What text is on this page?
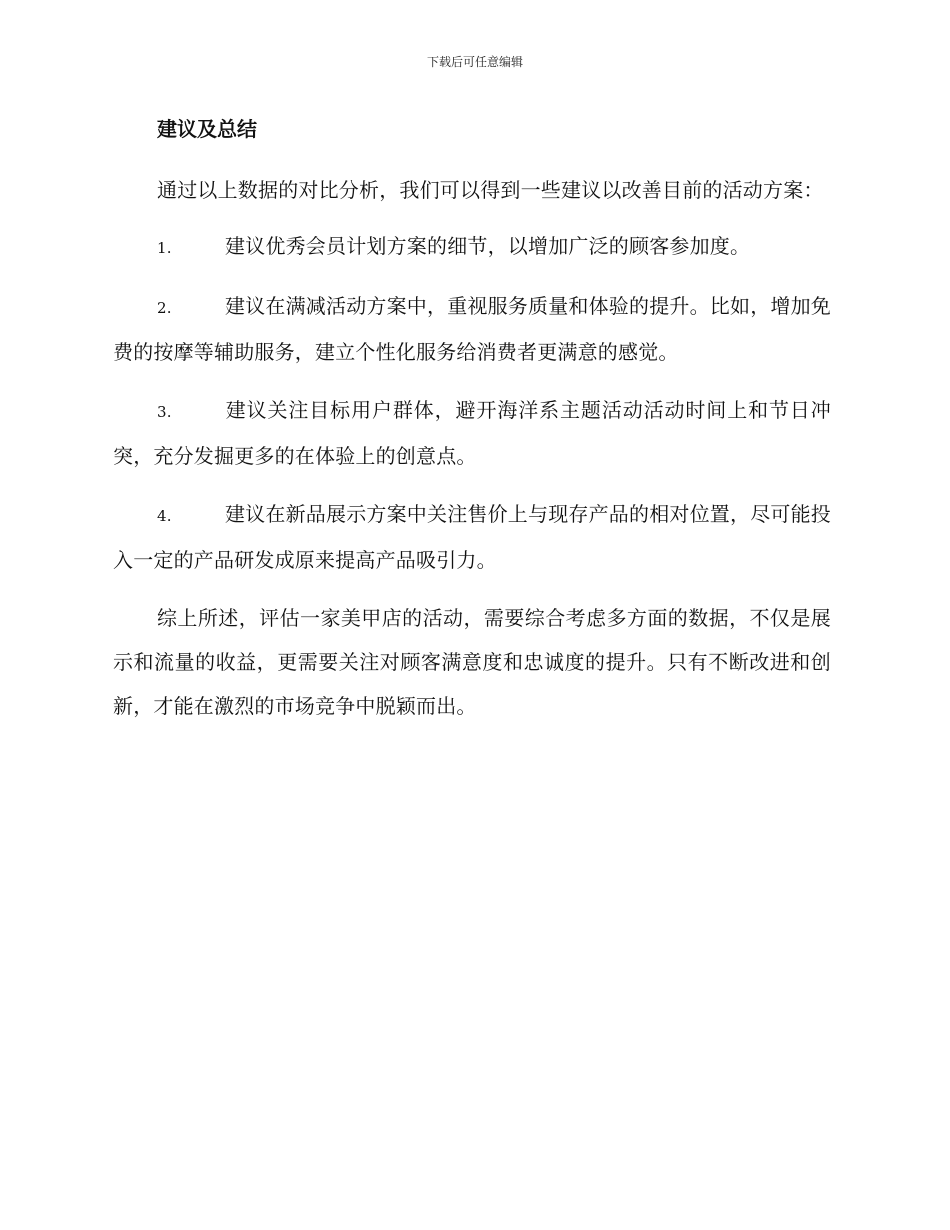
下载后可任意编辑
建议及总结

通过以上数据的对比分析，我们可以得到一些建议以改善目前的活动方案：

1.	建议优秀会员计划方案的细节，以增加广泛的顾客参加度。

2.	建议在满减活动方案中，重视服务质量和体验的提升。比如，增加免费的按摩等辅助服务，建立个性化服务给消费者更满意的感觉。

3.	建议关注目标用户群体，避开海洋系主题活动活动时间上和节日冲突，充分发掘更多的在体验上的创意点。

4.	建议在新品展示方案中关注售价上与现存产品的相对位置，尽可能投入一定的产品研发成原来提高产品吸引力。

综上所述，评估一家美甲店的活动，需要综合考虑多方面的数据，不仅是展示和流量的收益，更需要关注对顾客满意度和忠诚度的提升。只有不断改进和创新，才能在激烈的市场竞争中脱颖而出。
